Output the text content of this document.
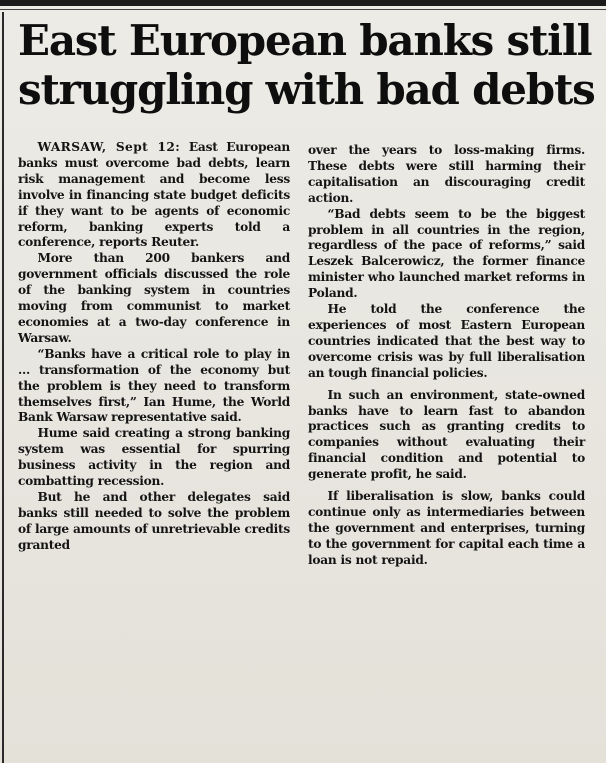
East European banks still struggling with bad debts

WARSAW, Sept 12: East European banks must overcome bad debts, learn risk management and become less involve in financing state budget deficits if they want to be agents of economic reform, banking experts told a conference, reports Reuter.

More than 200 bankers and government officials discussed the role of the banking system in countries moving from communist to market economies at a two-day conference in Warsaw.

“Banks have a critical role to play in ... transformation of the economy but the problem is they need to transform themselves first,” Ian Hume, the World Bank Warsaw representative said.

Hume said creating a strong banking system was essential for spurring business activity in the region and combatting recession.

But he and other delegates said banks still needed to solve the problem of large amounts of unretrievable credits granted

over the years to loss-making firms. These debts were still harming their capitalisation an discouraging credit action.

“Bad debts seem to be the biggest problem in all countries in the region, regardless of the pace of reforms,” said Leszek Balcerowicz, the former finance minister who launched market reforms in Poland.

He told the conference the experiences of most Eastern European countries indicated that the best way to overcome crisis was by full liberalisation an tough financial policies.

In such an environment, state-owned banks have to learn fast to abandon practices such as granting credits to companies without evaluating their financial condition and potential to generate profit, he said.

If liberalisation is slow, banks could continue only as intermediaries between the government and enterprises, turning to the government for capital each time a loan is not repaid.
